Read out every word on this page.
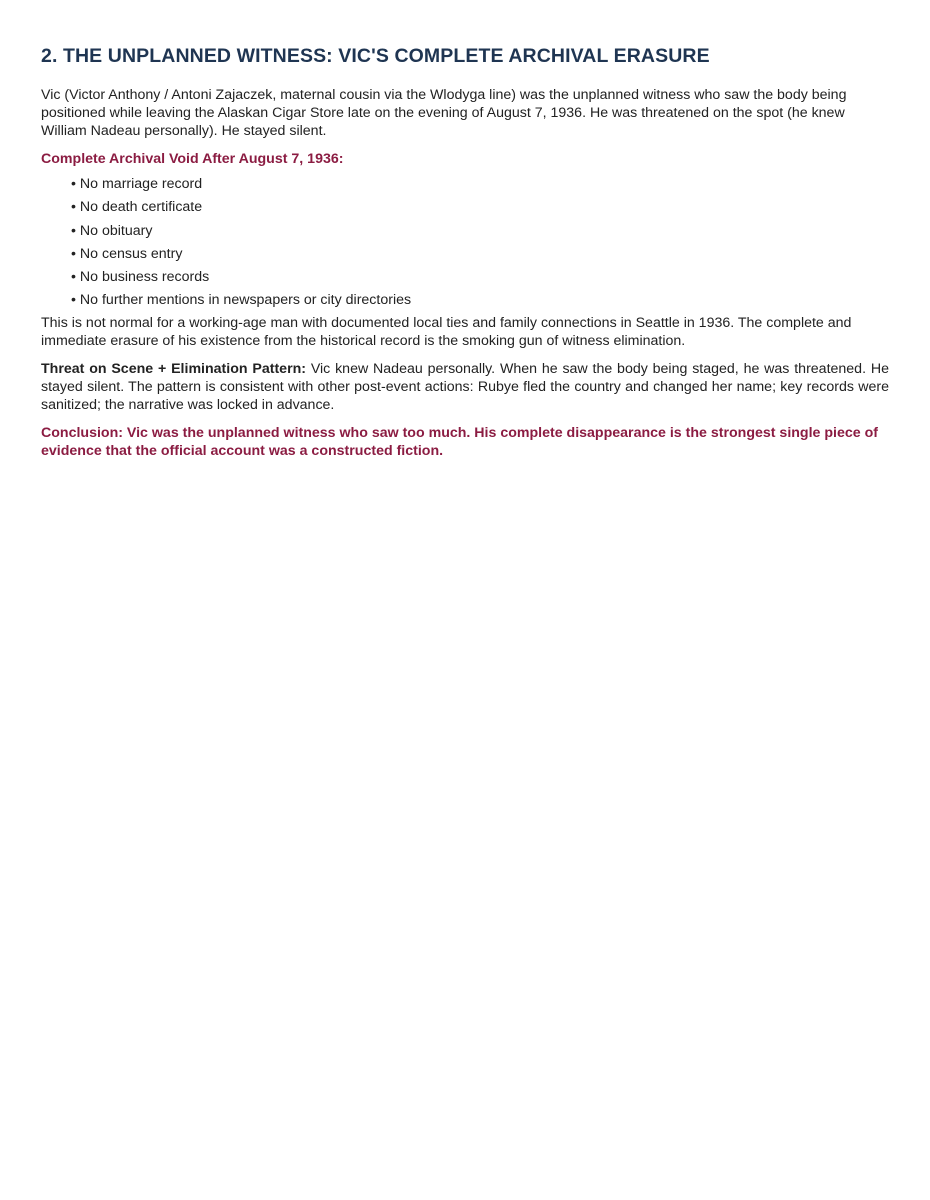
2. THE UNPLANNED WITNESS: VIC'S COMPLETE ARCHIVAL ERASURE

Vic (Victor Anthony / Antoni Zajaczek, maternal cousin via the Wlodyga line) was the unplanned witness who saw the body being positioned while leaving the Alaskan Cigar Store late on the evening of August 7, 1936. He was threatened on the spot (he knew William Nadeau personally). He stayed silent.

Complete Archival Void After August 7, 1936:
• No marriage record
• No death certificate
• No obituary
• No census entry
• No business records
• No further mentions in newspapers or city directories

This is not normal for a working-age man with documented local ties and family connections in Seattle in 1936. The complete and immediate erasure of his existence from the historical record is the smoking gun of witness elimination.

Threat on Scene + Elimination Pattern: Vic knew Nadeau personally. When he saw the body being staged, he was threatened. He stayed silent. The pattern is consistent with other post-event actions: Rubye fled the country and changed her name; key records were sanitized; the narrative was locked in advance.

Conclusion: Vic was the unplanned witness who saw too much. His complete disappearance is the strongest single piece of evidence that the official account was a constructed fiction.
